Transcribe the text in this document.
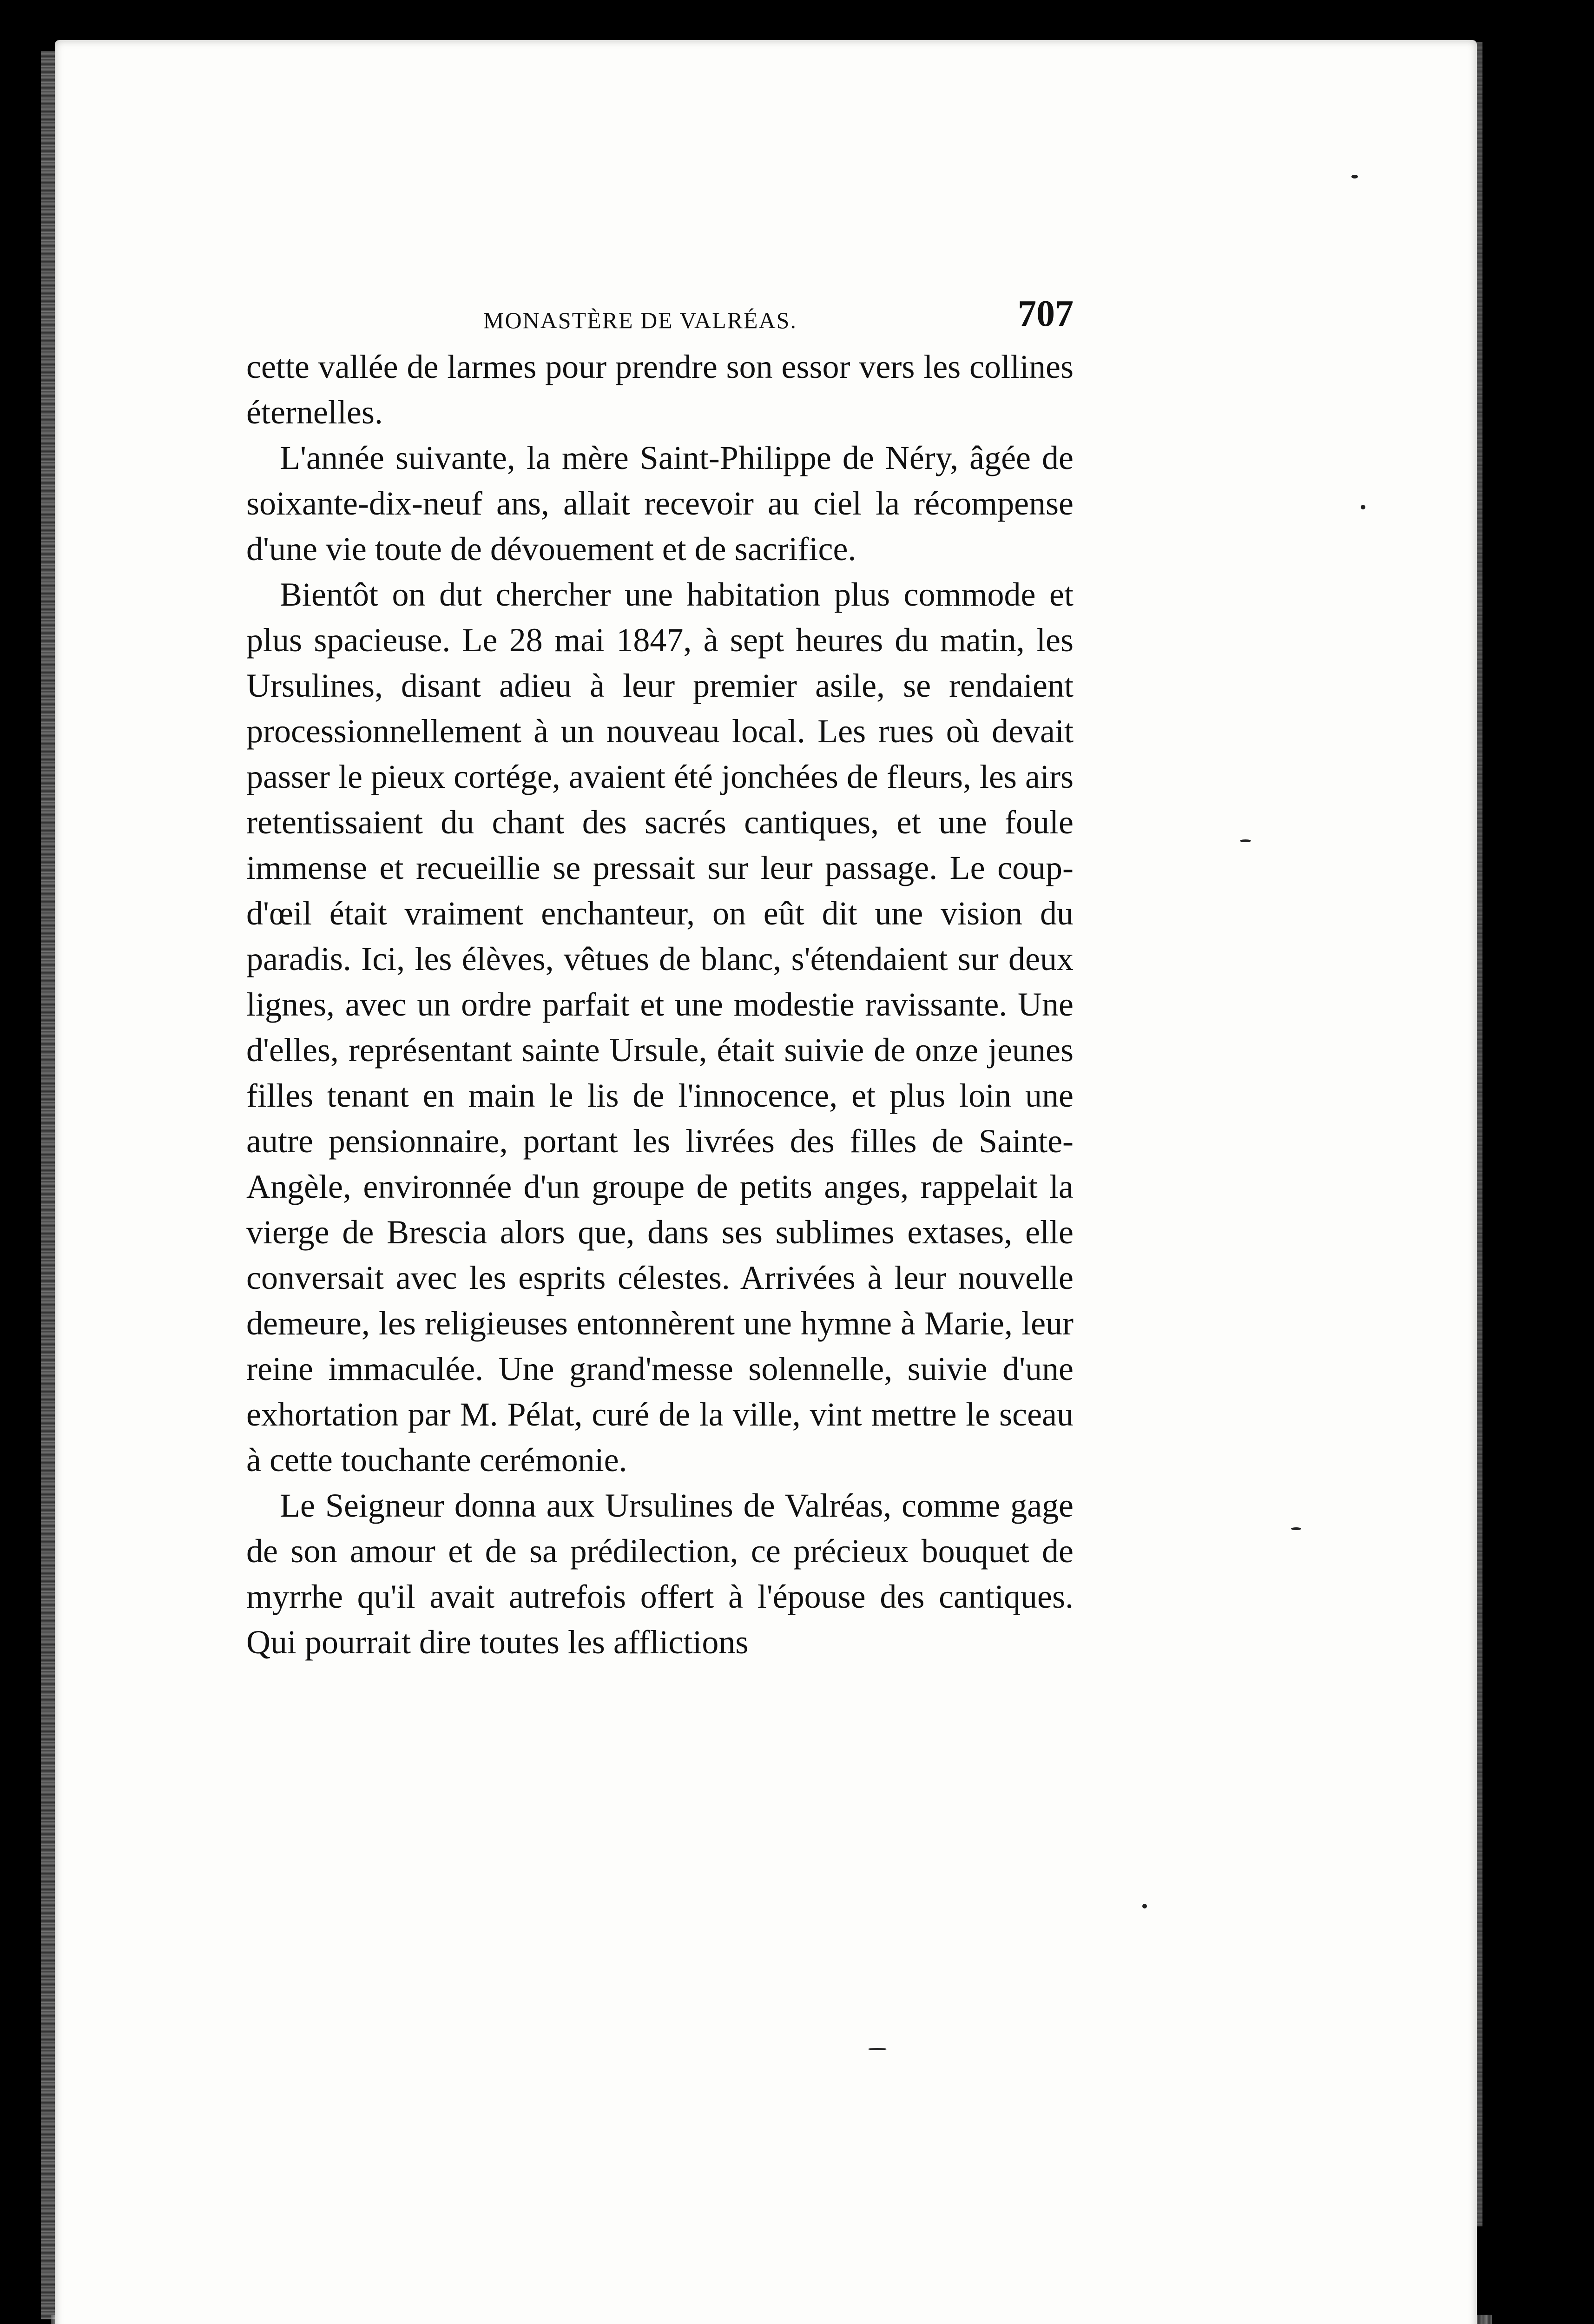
MONASTÈRE DE VALRÉAS.	707

cette vallée de larmes pour prendre son essor vers les collines éternelles.

L'année suivante, la mère Saint-Philippe de Néry, âgée de soixante-dix-neuf ans, allait recevoir au ciel la récompense d'une vie toute de dévouement et de sacrifice.

Bientôt on dut chercher une habitation plus commode et plus spacieuse. Le 28 mai 1847, à sept heures du matin, les Ursulines, disant adieu à leur premier asile, se rendaient processionnellement à un nouveau local. Les rues où devait passer le pieux cortége, avaient été jonchées de fleurs, les airs retentissaient du chant des sacrés cantiques, et une foule immense et recueillie se pressait sur leur passage. Le coup-d'œil était vraiment enchanteur, on eût dit une vision du paradis. Ici, les élèves, vêtues de blanc, s'étendaient sur deux lignes, avec un ordre parfait et une modestie ravissante. Une d'elles, représentant sainte Ursule, était suivie de onze jeunes filles tenant en main le lis de l'innocence, et plus loin une autre pensionnaire, portant les livrées des filles de Sainte-Angèle, environnée d'un groupe de petits anges, rappelait la vierge de Brescia alors que, dans ses sublimes extases, elle conversait avec les esprits célestes. Arrivées à leur nouvelle demeure, les religieuses entonnèrent une hymne à Marie, leur reine immaculée. Une grand'messe solennelle, suivie d'une exhortation par M. Pélat, curé de la ville, vint mettre le sceau à cette touchante cerémonie.

Le Seigneur donna aux Ursulines de Valréas, comme gage de son amour et de sa prédilection, ce précieux bouquet de myrrhe qu'il avait autrefois offert à l'épouse des cantiques. Qui pourrait dire toutes les afflictions
